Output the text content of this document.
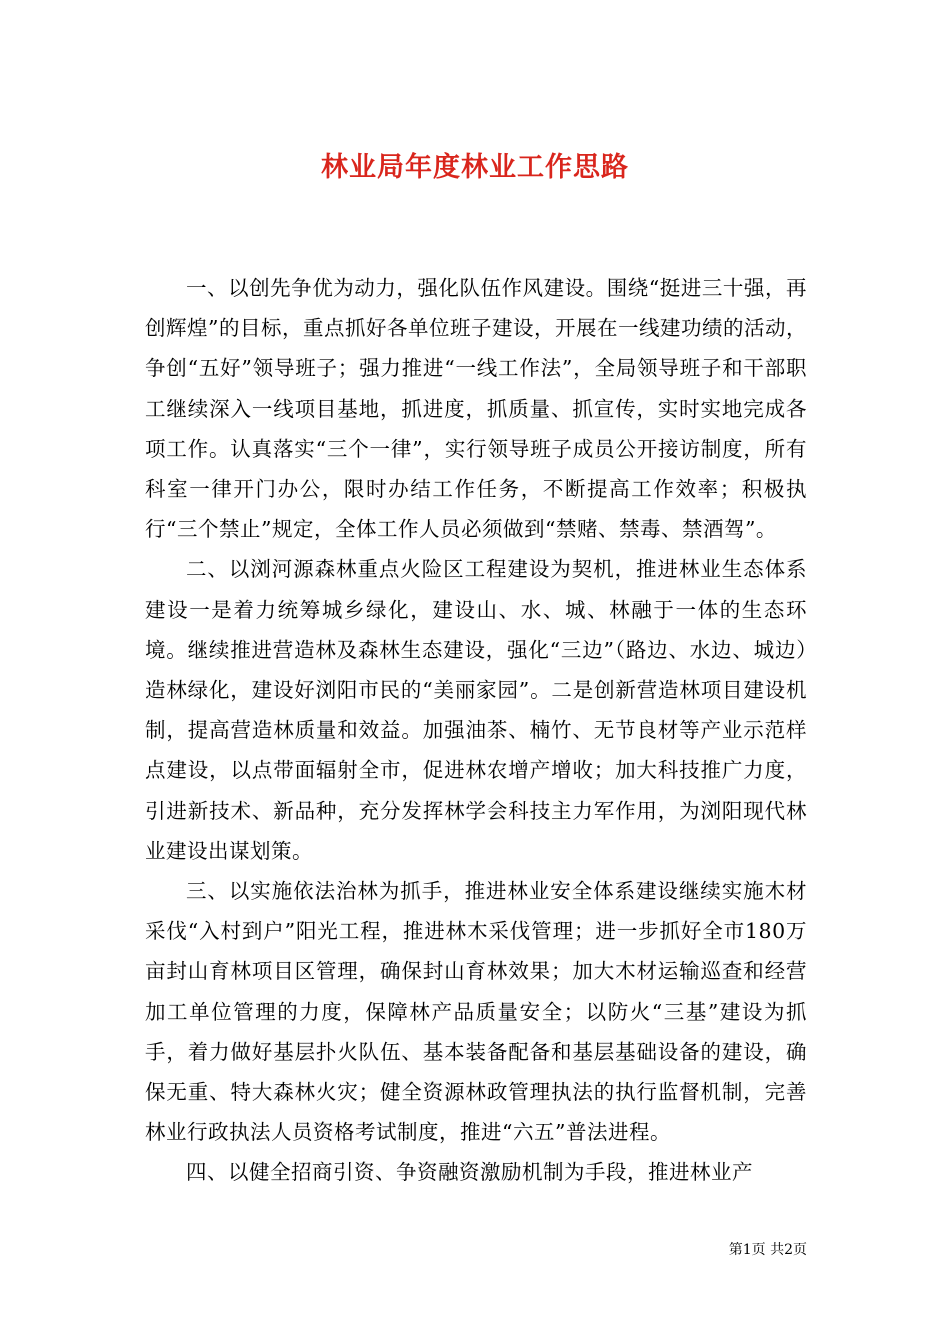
林业局年度林业工作思路

一、以创先争优为动力，强化队伍作风建设。围绕“挺进三十强，再创辉煌”的目标，重点抓好各单位班子建设，开展在一线建功绩的活动，争创“五好”领导班子；强力推进“一线工作法”，全局领导班子和干部职工继续深入一线项目基地，抓进度，抓质量、抓宣传，实时实地完成各项工作。认真落实“三个一律”，实行领导班子成员公开接访制度，所有科室一律开门办公，限时办结工作任务，不断提高工作效率；积极执行“三个禁止”规定，全体工作人员必须做到“禁赌、禁毒、禁酒驾”。

二、以浏河源森林重点火险区工程建设为契机，推进林业生态体系建设一是着力统筹城乡绿化，建设山、水、城、林融于一体的生态环境。继续推进营造林及森林生态建设，强化“三边”（路边、水边、城边）造林绿化，建设好浏阳市民的“美丽家园”。二是创新营造林项目建设机制，提高营造林质量和效益。加强油茶、楠竹、无节良材等产业示范样点建设，以点带面辐射全市，促进林农增产增收；加大科技推广力度，引进新技术、新品种，充分发挥林学会科技主力军作用，为浏阳现代林业建设出谋划策。

三、以实施依法治林为抓手，推进林业安全体系建设继续实施木材采伐“入村到户”阳光工程，推进林木采伐管理；进一步抓好全市180万亩封山育林项目区管理，确保封山育林效果；加大木材运输巡查和经营加工单位管理的力度，保障林产品质量安全；以防火“三基”建设为抓手，着力做好基层扑火队伍、基本装备配备和基层基础设备的建设，确保无重、特大森林火灾；健全资源林政管理执法的执行监督机制，完善林业行政执法人员资格考试制度，推进“六五”普法进程。

四、以健全招商引资、争资融资激励机制为手段，推进林业产

第1页 共2页
